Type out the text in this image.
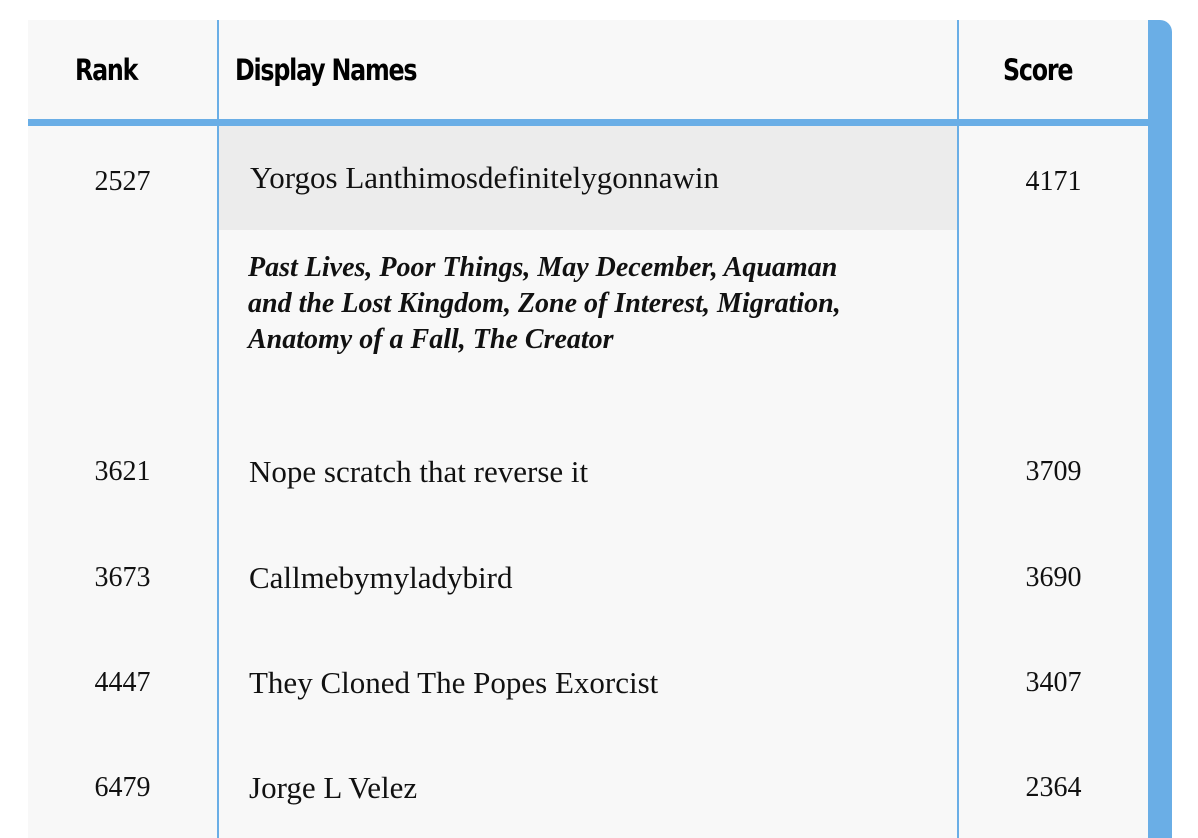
Rank	Display Names	Score
2527	Yorgos Lanthimosdefinitelygonnawin	4171
Past Lives, Poor Things, May December, Aquaman and the Lost Kingdom, Zone of Interest, Migration, Anatomy of a Fall, The Creator
3621	Nope scratch that reverse it	3709
3673	Callmebymyladybird	3690
4447	They Cloned The Popes Exorcist	3407
6479	Jorge L Velez	2364
